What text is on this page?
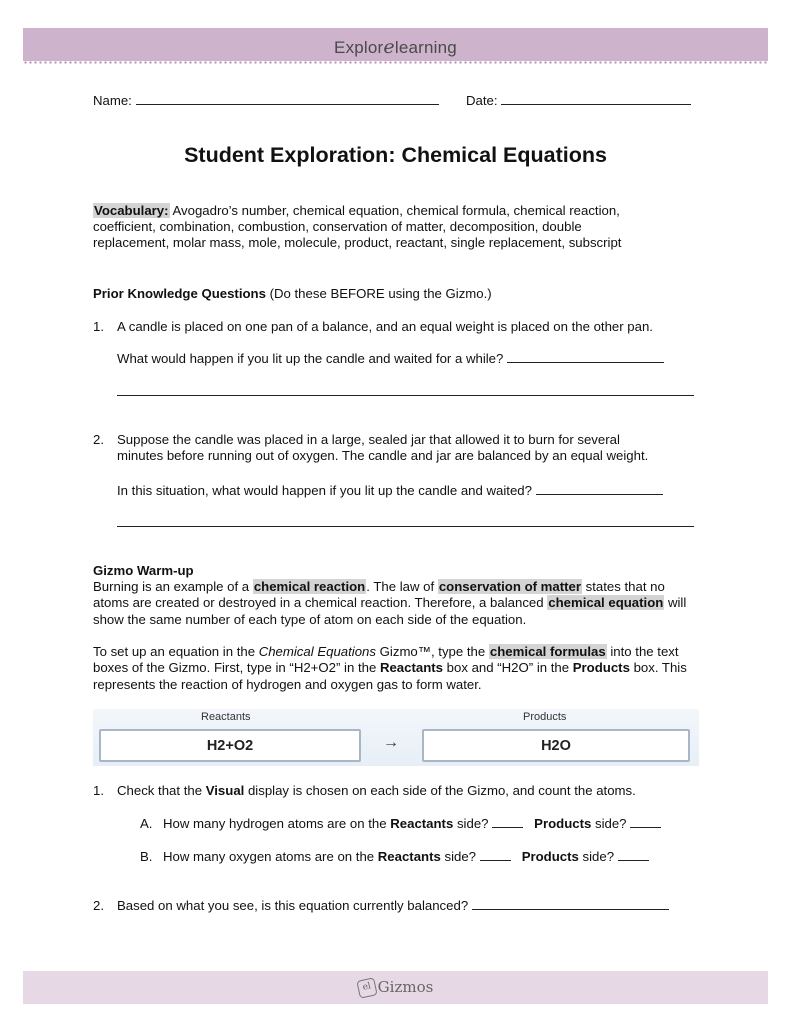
Explorelearning
Name:	Date:
Student Exploration: Chemical Equations
Vocabulary: Avogadro’s number, chemical equation, chemical formula, chemical reaction,
coefficient, combination, combustion, conservation of matter, decomposition, double
replacement, molar mass, mole, molecule, product, reactant, single replacement, subscript
Prior Knowledge Questions (Do these BEFORE using the Gizmo.)
1. A candle is placed on one pan of a balance, and an equal weight is placed on the other pan.
What would happen if you lit up the candle and waited for a while?
2. Suppose the candle was placed in a large, sealed jar that allowed it to burn for several
minutes before running out of oxygen. The candle and jar are balanced by an equal weight.
In this situation, what would happen if you lit up the candle and waited?
Gizmo Warm-up
Burning is an example of a chemical reaction. The law of conservation of matter states that no atoms are created or destroyed in a chemical reaction. Therefore, a balanced chemical equation will show the same number of each type of atom on each side of the equation.
To set up an equation in the Chemical Equations Gizmo™, type the chemical formulas into the text boxes of the Gizmo. First, type in “H2+O2” in the Reactants box and “H2O” in the Products box. This represents the reaction of hydrogen and oxygen gas to form water.
Reactants	Products
H2+O2	→	H2O
1. Check that the Visual display is chosen on each side of the Gizmo, and count the atoms.
A. How many hydrogen atoms are on the Reactants side?	Products side?
B. How many oxygen atoms are on the Reactants side?	Products side?
2. Based on what you see, is this equation currently balanced?
el Gizmos
